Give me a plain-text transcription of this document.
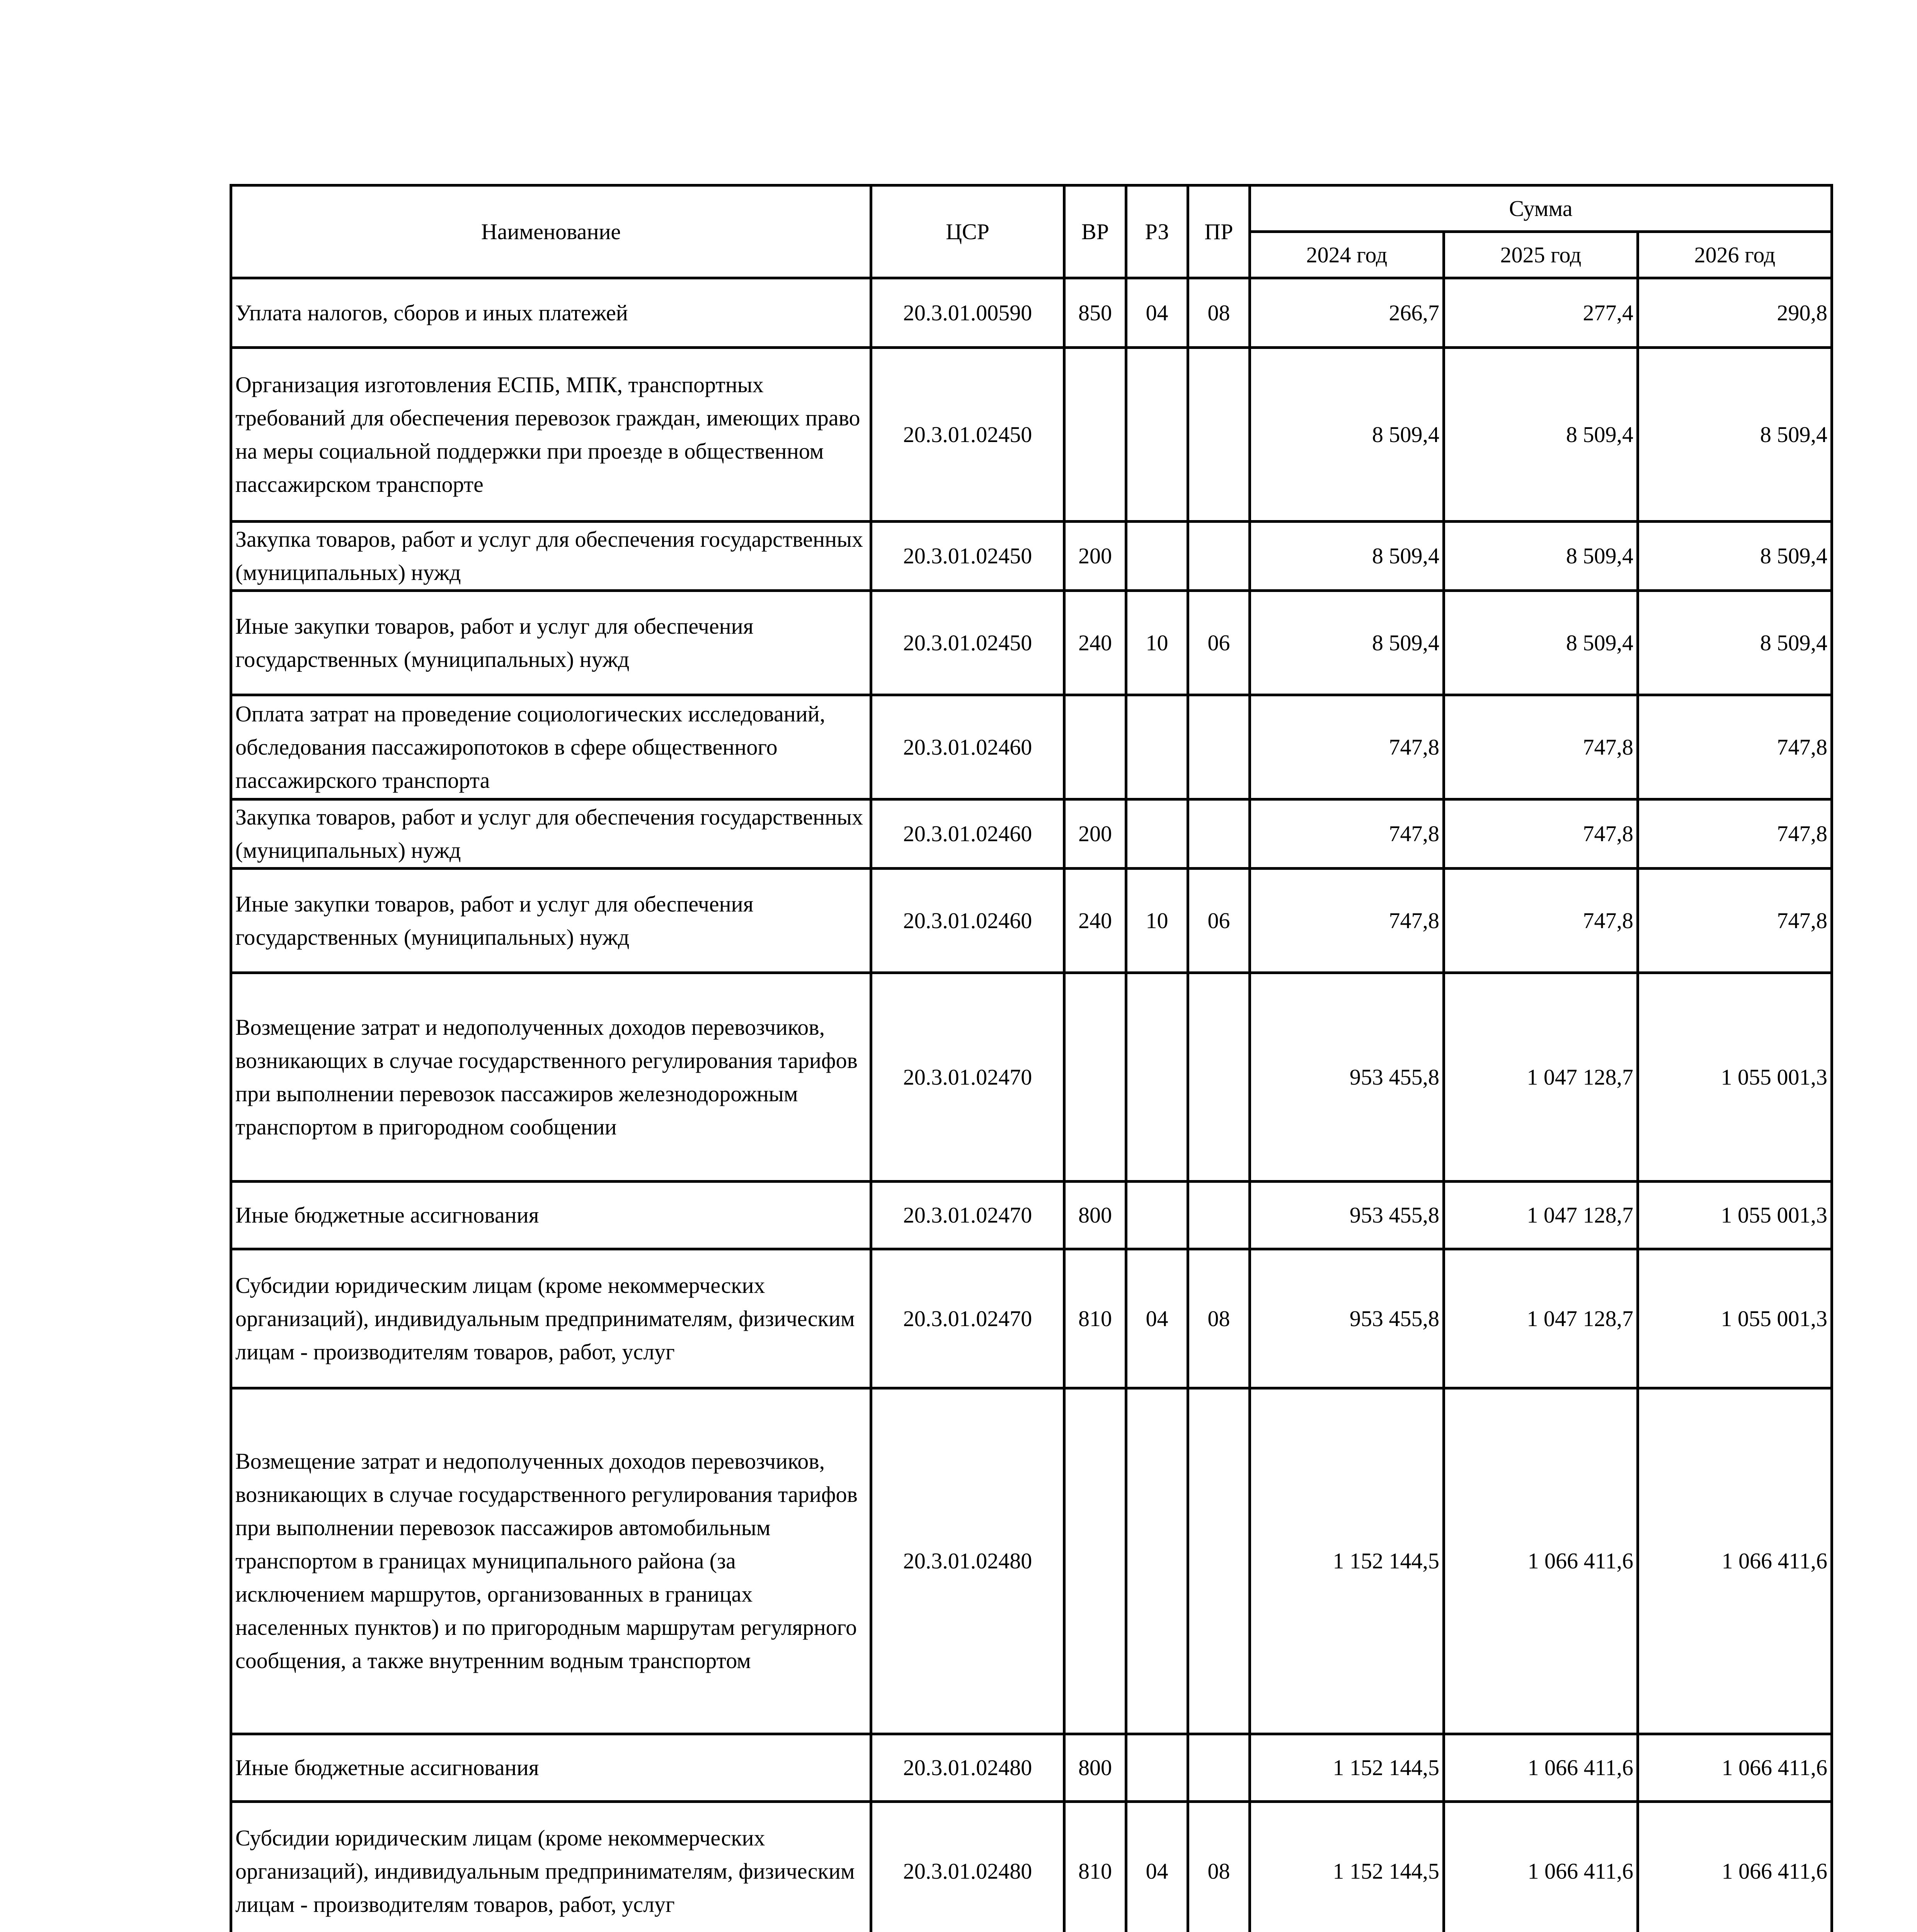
Наименование	ЦСР	ВР	РЗ	ПР	Сумма		
					2024 год	2025 год	2026 год
Уплата налогов, сборов и иных платежей	20.3.01.00590	850	04	08	266,7	277,4	290,8
Организация изготовления ЕСПБ, МПК, транспортных требований для обеспечения перевозок граждан, имеющих право на меры социальной поддержки при проезде в общественном пассажирском транспорте	20.3.01.02450				8 509,4	8 509,4	8 509,4
Закупка товаров, работ и услуг для обеспечения государственных (муниципальных) нужд	20.3.01.02450	200			8 509,4	8 509,4	8 509,4
Иные закупки товаров, работ и услуг для обеспечения государственных (муниципальных) нужд	20.3.01.02450	240	10	06	8 509,4	8 509,4	8 509,4
Оплата затрат на проведение социологических исследований, обследования пассажиропотоков в сфере общественного пассажирского транспорта	20.3.01.02460				747,8	747,8	747,8
Закупка товаров, работ и услуг для обеспечения государственных (муниципальных) нужд	20.3.01.02460	200			747,8	747,8	747,8
Иные закупки товаров, работ и услуг для обеспечения государственных (муниципальных) нужд	20.3.01.02460	240	10	06	747,8	747,8	747,8
Возмещение затрат и недополученных доходов перевозчиков, возникающих в случае государственного регулирования тарифов при выполнении перевозок пассажиров железнодорожным транспортом в пригородном сообщении	20.3.01.02470				953 455,8	1 047 128,7	1 055 001,3
Иные бюджетные ассигнования	20.3.01.02470	800			953 455,8	1 047 128,7	1 055 001,3
Субсидии юридическим лицам (кроме некоммерческих организаций), индивидуальным предпринимателям, физическим лицам - производителям товаров, работ, услуг	20.3.01.02470	810	04	08	953 455,8	1 047 128,7	1 055 001,3
Возмещение затрат и недополученных доходов перевозчиков, возникающих в случае государственного регулирования тарифов при выполнении перевозок пассажиров автомобильным транспортом в границах муниципального района (за исключением маршрутов, организованных в границах населенных пунктов) и по пригородным маршрутам регулярного сообщения, а также внутренним водным транспортом	20.3.01.02480				1 152 144,5	1 066 411,6	1 066 411,6
Иные бюджетные ассигнования	20.3.01.02480	800			1 152 144,5	1 066 411,6	1 066 411,6
Субсидии юридическим лицам (кроме некоммерческих организаций), индивидуальным предпринимателям, физическим лицам - производителям товаров, работ, услуг	20.3.01.02480	810	04	08	1 152 144,5	1 066 411,6	1 066 411,6
